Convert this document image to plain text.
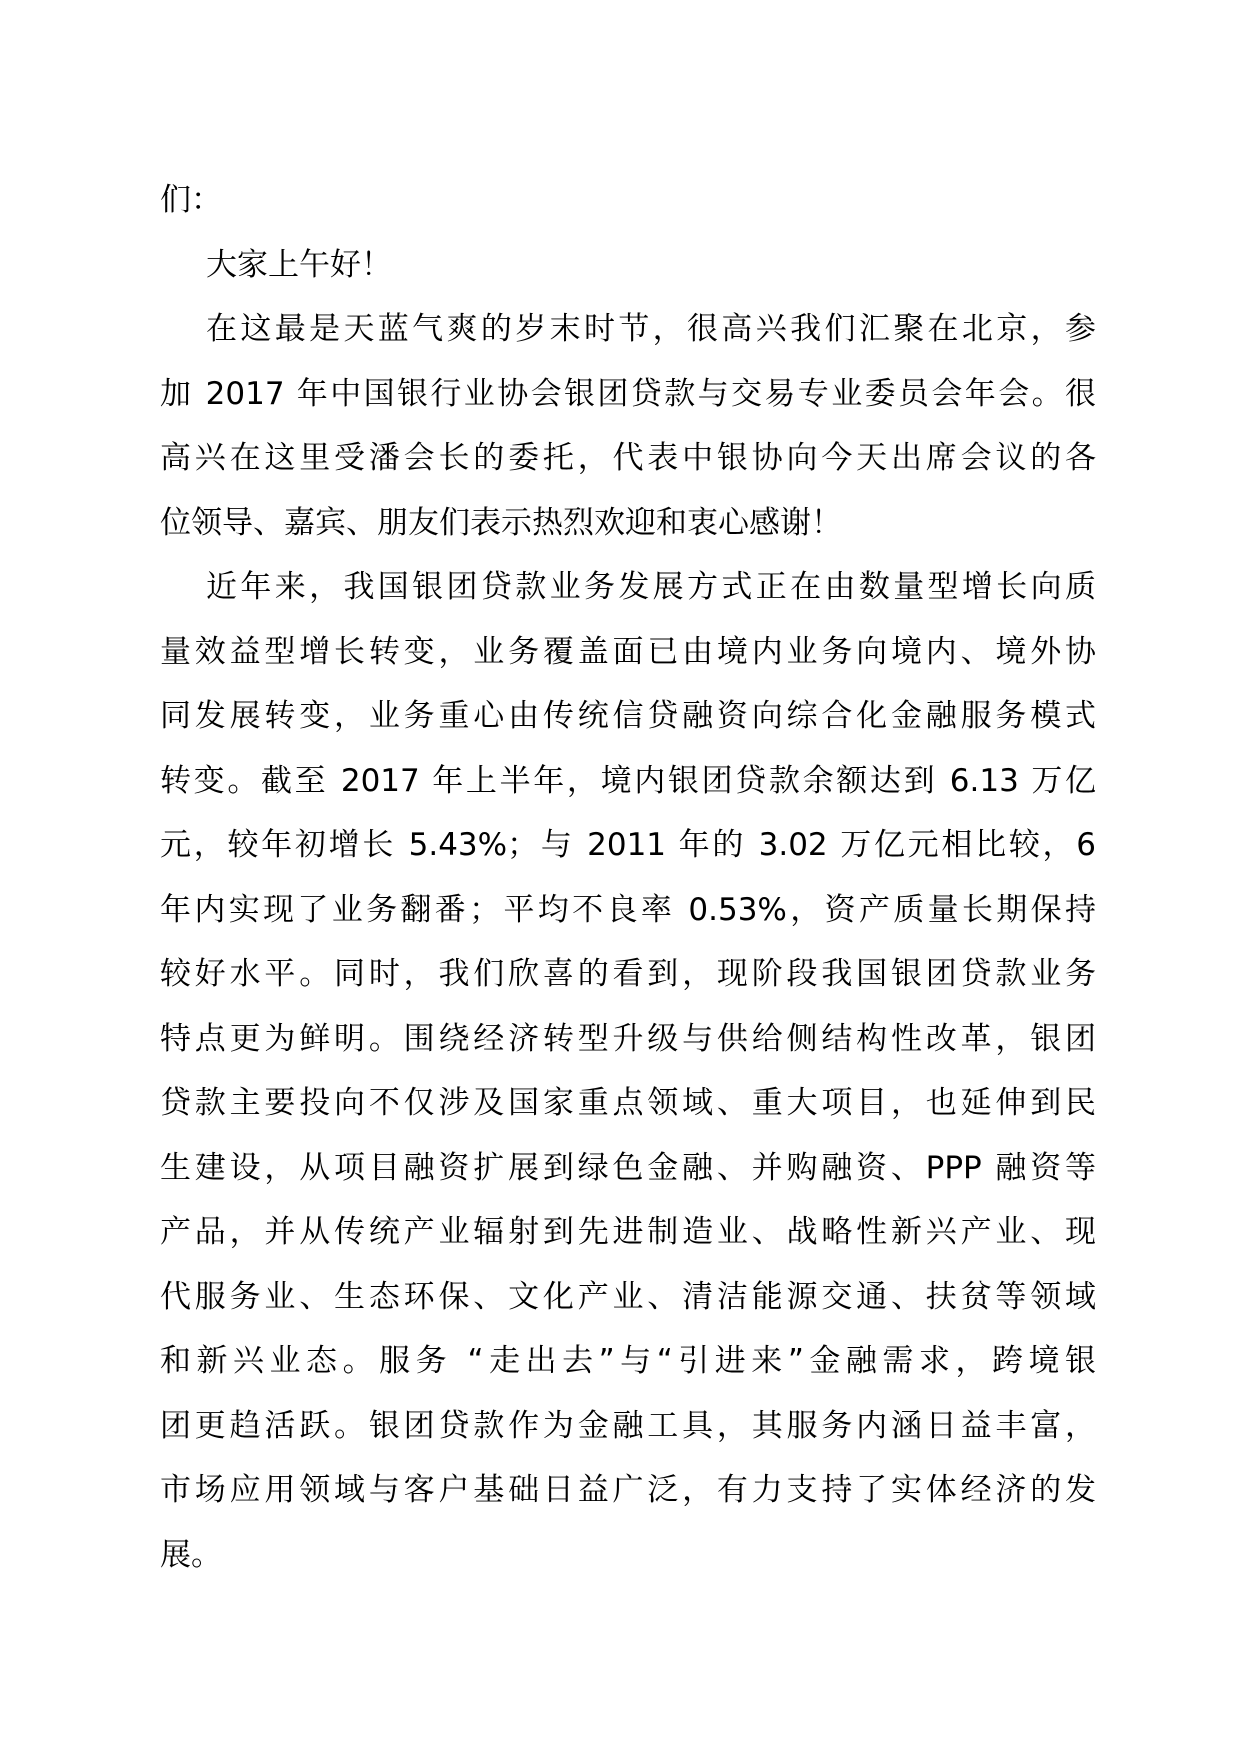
们：
大家上午好！
在这最是天蓝气爽的岁末时节，很高兴我们汇聚在北京，参
加 2017 年中国银行业协会银团贷款与交易专业委员会年会。很
高兴在这里受潘会长的委托，代表中银协向今天出席会议的各
位领导、嘉宾、朋友们表示热烈欢迎和衷心感谢！
近年来，我国银团贷款业务发展方式正在由数量型增长向质
量效益型增长转变，业务覆盖面已由境内业务向境内、境外协
同发展转变，业务重心由传统信贷融资向综合化金融服务模式
转变。截至 2017 年上半年，境内银团贷款余额达到 6.13 万亿
元，较年初增长 5.43%；与 2011 年的 3.02 万亿元相比较，6
年内实现了业务翻番；平均不良率 0.53%，资产质量长期保持
较好水平。同时，我们欣喜的看到，现阶段我国银团贷款业务
特点更为鲜明。围绕经济转型升级与供给侧结构性改革，银团
贷款主要投向不仅涉及国家重点领域、重大项目，也延伸到民
生建设，从项目融资扩展到绿色金融、并购融资、PPP 融资等
产品，并从传统产业辐射到先进制造业、战略性新兴产业、现
代服务业、生态环保、文化产业、清洁能源交通、扶贫等领域
和新兴业态。服务 “走出去”与“引进来”金融需求，跨境银
团更趋活跃。银团贷款作为金融工具，其服务内涵日益丰富，
市场应用领域与客户基础日益广泛，有力支持了实体经济的发
展。
